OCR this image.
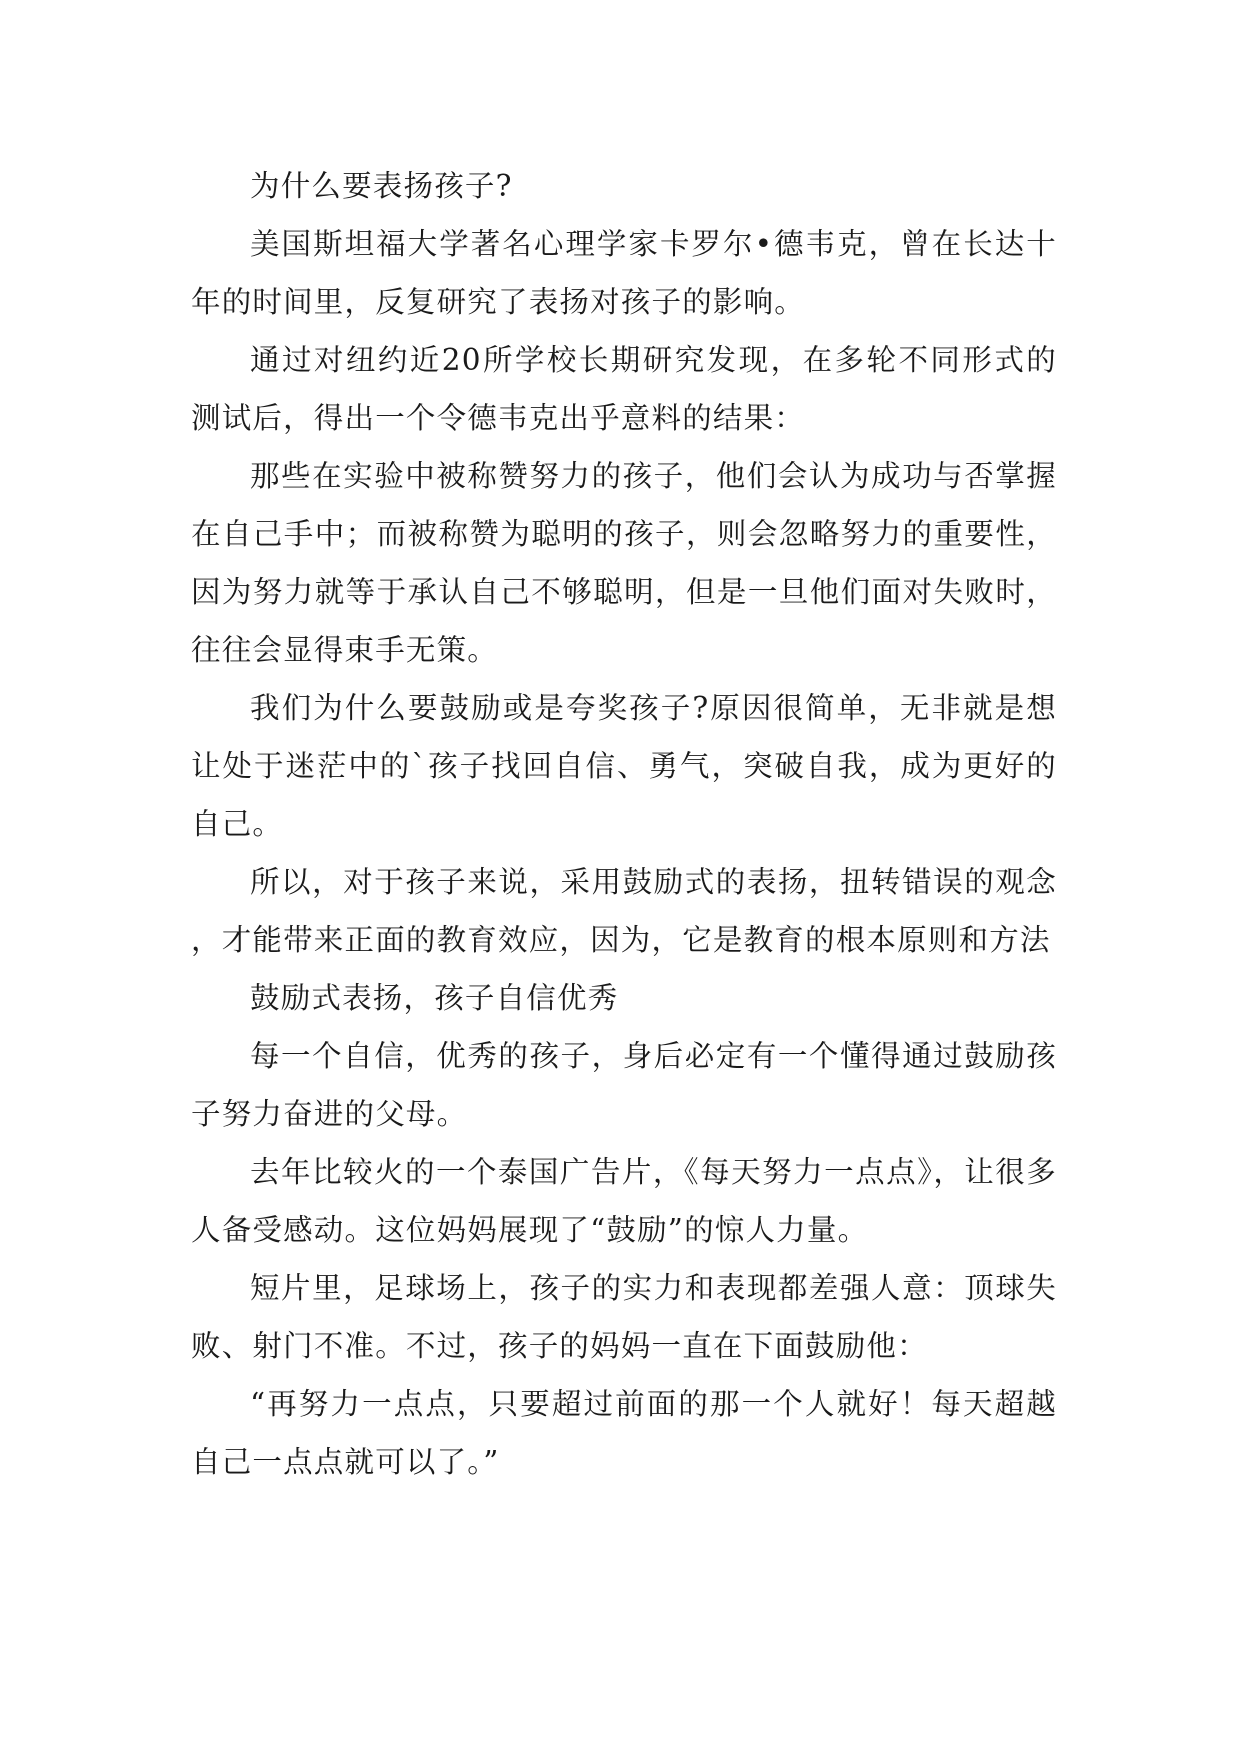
为什么要表扬孩子?

美国斯坦福大学著名心理学家卡罗尔•德韦克，曾在长达十年的时间里，反复研究了表扬对孩子的影响。

通过对纽约近20所学校长期研究发现，在多轮不同形式的测试后，得出一个令德韦克出乎意料的结果：

那些在实验中被称赞努力的孩子，他们会认为成功与否掌握在自己手中；而被称赞为聪明的孩子，则会忽略努力的重要性，因为努力就等于承认自己不够聪明，但是一旦他们面对失败时，往往会显得束手无策。

我们为什么要鼓励或是夸奖孩子?原因很简单，无非就是想让处于迷茫中的`孩子找回自信、勇气，突破自我，成为更好的自己。

所以，对于孩子来说，采用鼓励式的表扬，扭转错误的观念，才能带来正面的教育效应，因为，它是教育的根本原则和方法

鼓励式表扬，孩子自信优秀

每一个自信，优秀的孩子，身后必定有一个懂得通过鼓励孩子努力奋进的父母。

去年比较火的一个泰国广告片，《每天努力一点点》，让很多人备受感动。这位妈妈展现了“鼓励”的惊人力量。

短片里，足球场上，孩子的实力和表现都差强人意：顶球失败、射门不准。不过，孩子的妈妈一直在下面鼓励他：

“再努力一点点，只要超过前面的那一个人就好！每天超越自己一点点就可以了。”
